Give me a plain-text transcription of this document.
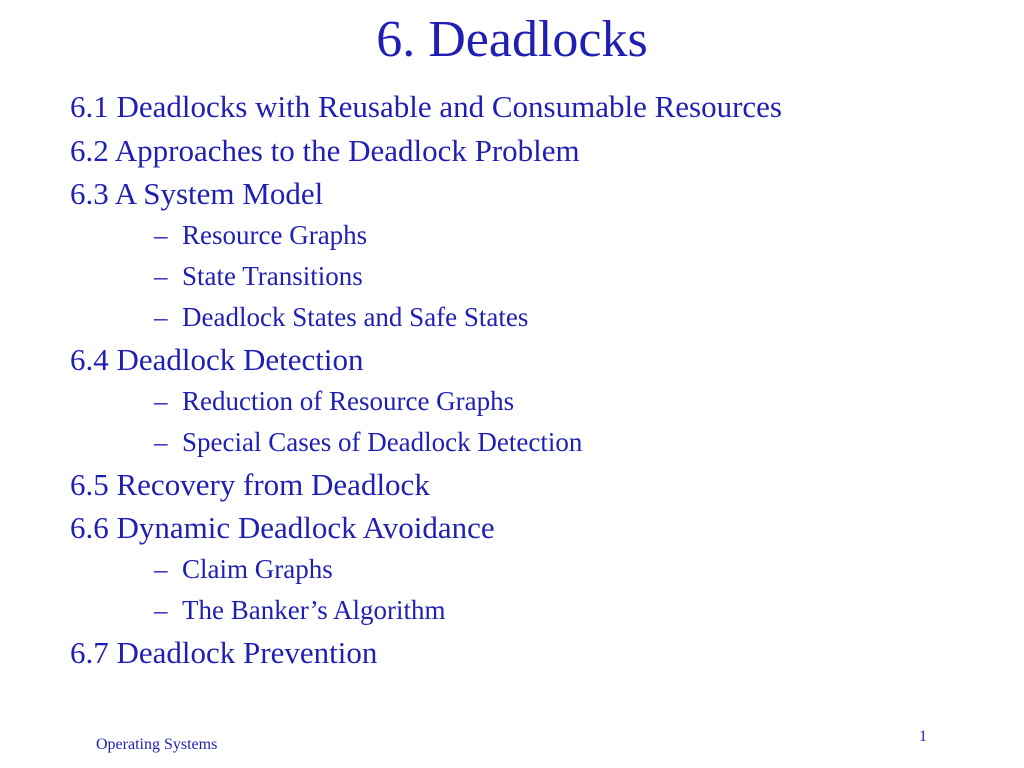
6. Deadlocks
6.1 Deadlocks with Reusable and Consumable Resources
6.2 Approaches to the Deadlock Problem
6.3 A System Model
– Resource Graphs
– State Transitions
– Deadlock States and Safe States
6.4 Deadlock Detection
– Reduction of Resource Graphs
– Special Cases of Deadlock Detection
6.5 Recovery from Deadlock
6.6 Dynamic Deadlock Avoidance
– Claim Graphs
– The Banker’s Algorithm
6.7 Deadlock Prevention
Operating Systems	1
